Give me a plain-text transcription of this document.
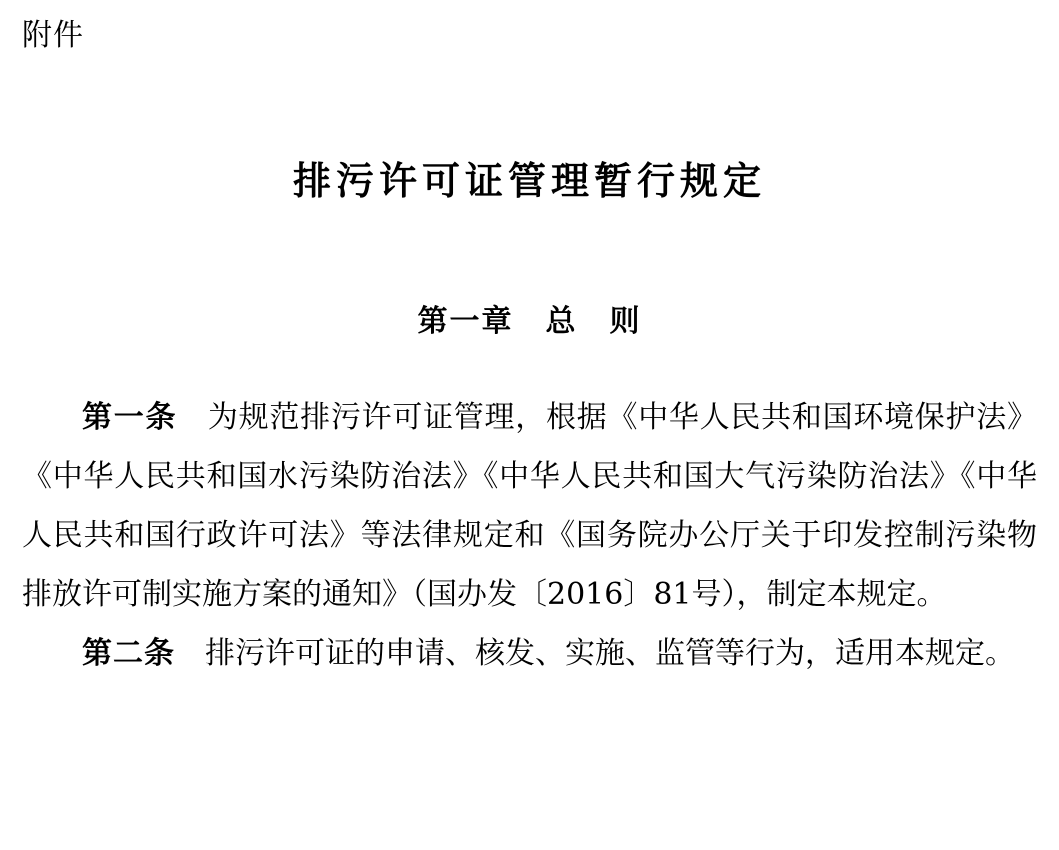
附件
排污许可证管理暂行规定
第一章　总　则

第一条 为规范排污许可证管理，根据《中华人民共和国环境保护法》《中华人民共和国水污染防治法》《中华人民共和国大气污染防治法》《中华人民共和国行政许可法》等法律规定和《国务院办公厅关于印发控制污染物排放许可制实施方案的通知》（国办发〔2016〕81号），制定本规定。

第二条 排污许可证的申请、核发、实施、监管等行为，适用本规定。
